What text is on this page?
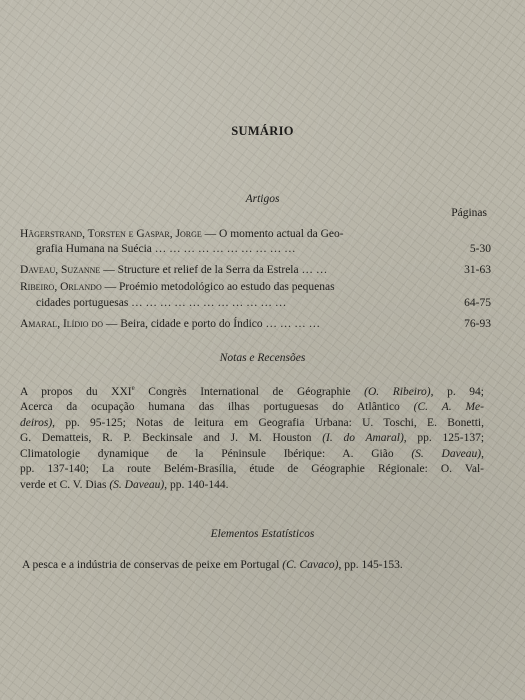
SUMÁRIO
Artigos
Páginas
Hägerstrand, Torsten e Gaspar, Jorge — O momento actual da Geo-
grafia Humana na Suécia … … … … … … … … … …	5-30
Daveau, Suzanne — Structure et relief de la Serra da Estrela … …	31-63
Ribeiro, Orlando — Proémio metodológico ao estudo das pequenas
cidades portuguesas … … … … … … … … … … …	64-75
Amaral, Ilídio do — Beira, cidade e porto do Índico … … … …	76-93
Notas e Recensões
A propos du XXIe Congrès International de Géographie (O. Ribeiro), p. 94;
Acerca da ocupação humana das ilhas portuguesas do Atlântico (C. A. Me-
deiros), pp. 95-125; Notas de leitura em Geografia Urbana: U. Toschi, E. Bonetti,
G. Dematteis, R. P. Beckinsale and J. M. Houston (I. do Amaral), pp. 125-137;
Climatologie dynamique de la Péninsule Ibérique: A. Gião (S. Daveau),
pp. 137-140; La route Belém-Brasília, étude de Géographie Régionale: O. Val-
verde et C. V. Dias (S. Daveau), pp. 140-144.
Elementos Estatísticos
A pesca e a indústria de conservas de peixe em Portugal (C. Cavaco), pp. 145-153.
